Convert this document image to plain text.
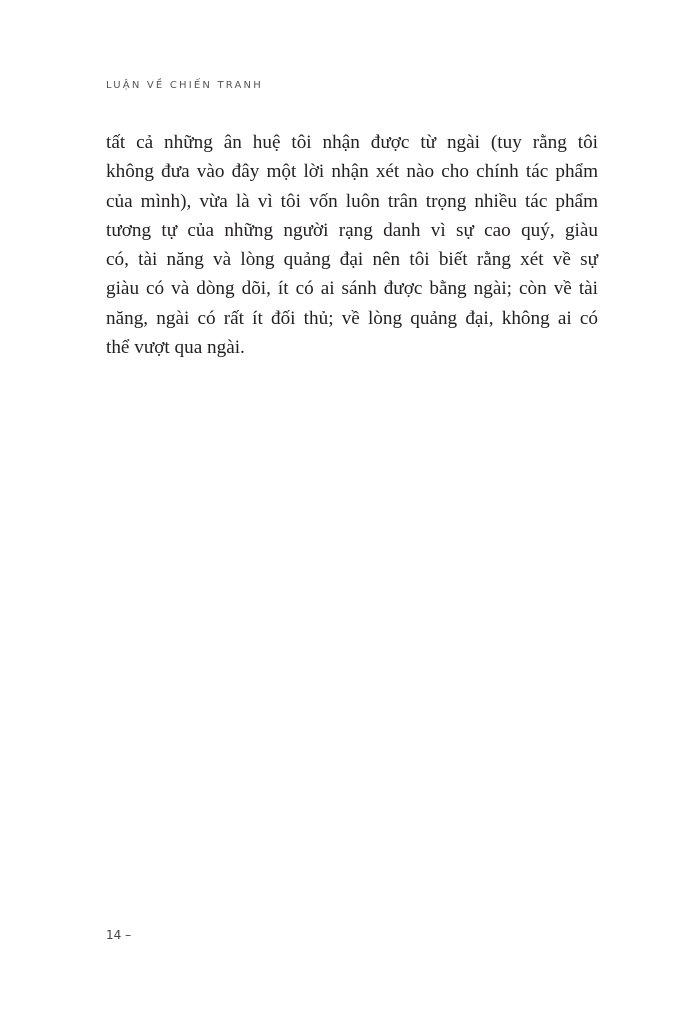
LUẬN VỀ CHIẾN TRANH
tất cả những ân huệ tôi nhận được từ ngài (tuy rằng tôi
không đưa vào đây một lời nhận xét nào cho chính tác phẩm
của mình), vừa là vì tôi vốn luôn trân trọng nhiều tác phẩm
tương tự của những người rạng danh vì sự cao quý, giàu
có, tài năng và lòng quảng đại nên tôi biết rằng xét về sự
giàu có và dòng dõi, ít có ai sánh được bằng ngài; còn về tài
năng, ngài có rất ít đối thủ; về lòng quảng đại, không ai có
thể vượt qua ngài.
14 –
